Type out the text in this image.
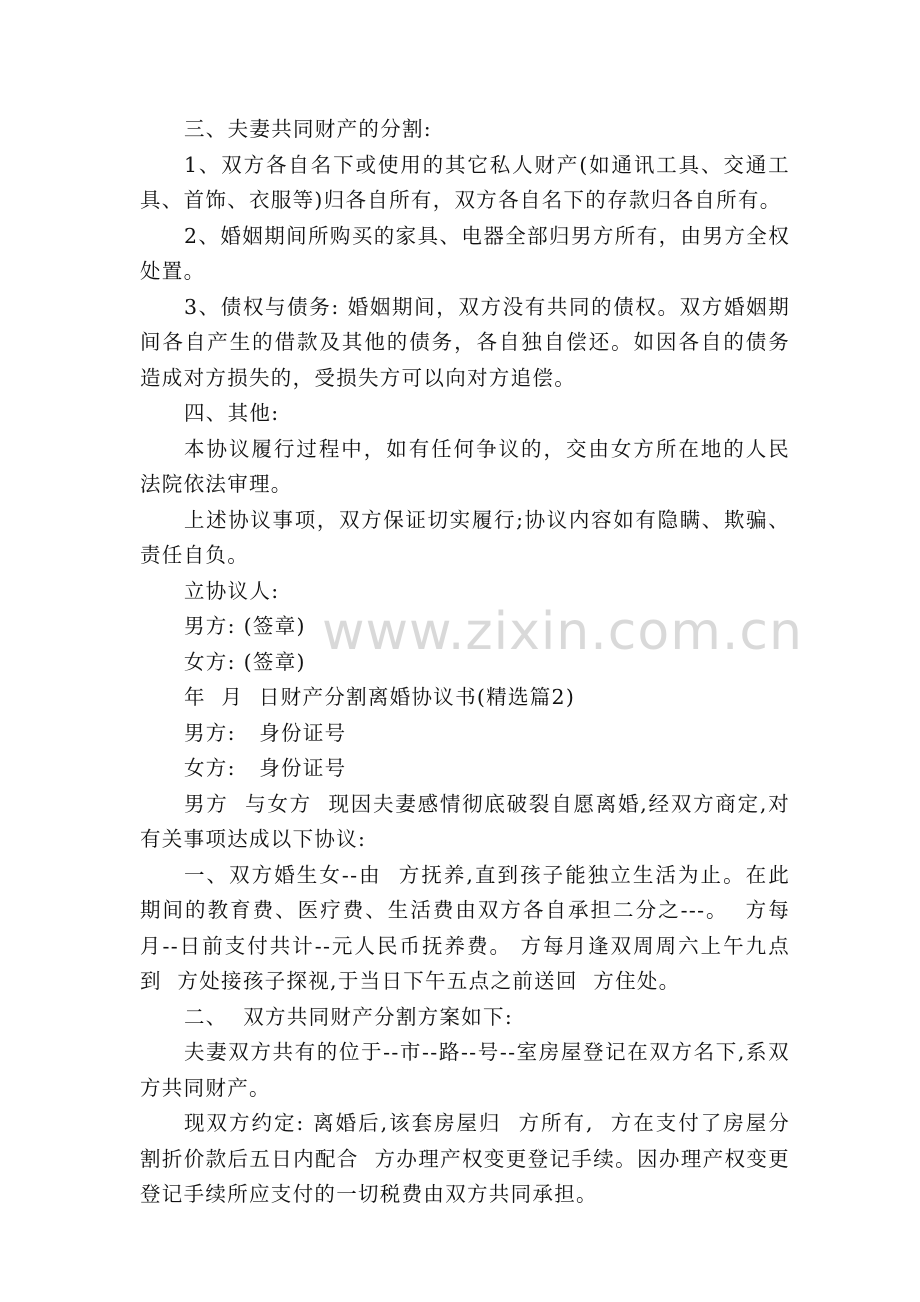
www.zixin.com.cn

三、夫妻共同财产的分割:

1、双方各自名下或使用的其它私人财产(如通讯工具、交通工具、首饰、衣服等)归各自所有，双方各自名下的存款归各自所有。

2、婚姻期间所购买的家具、电器全部归男方所有，由男方全权处置。

3、债权与债务: 婚姻期间，双方没有共同的债权。双方婚姻期间各自产生的借款及其他的债务，各自独自偿还。如因各自的债务造成对方损失的，受损失方可以向对方追偿。

四、其他:

本协议履行过程中，如有任何争议的，交由女方所在地的人民法院依法审理。

上述协议事项，双方保证切实履行;协议内容如有隐瞒、欺骗、责任自负。

立协议人:

男方: (签章)

女方: (签章)

年  月  日财产分割离婚协议书(精选篇2)

男方:   身份证号

女方:   身份证号

男方  与女方  现因夫妻感情彻底破裂自愿离婚,经双方商定,对有关事项达成以下协议:

一、双方婚生女--由  方抚养,直到孩子能独立生活为止。在此期间的教育费、医疗费、生活费由双方各自承担二分之---。  方每月--日前支付共计--元人民币抚养费。 方每月逢双周周六上午九点到  方处接孩子探视,于当日下午五点之前送回  方住处。

二、  双方共同财产分割方案如下:

夫妻双方共有的位于--市--路--号--室房屋登记在双方名下,系双方共同财产。

现双方约定: 离婚后,该套房屋归  方所有,  方在支付了房屋分割折价款后五日内配合  方办理产权变更登记手续。因办理产权变更登记手续所应支付的一切税费由双方共同承担。
